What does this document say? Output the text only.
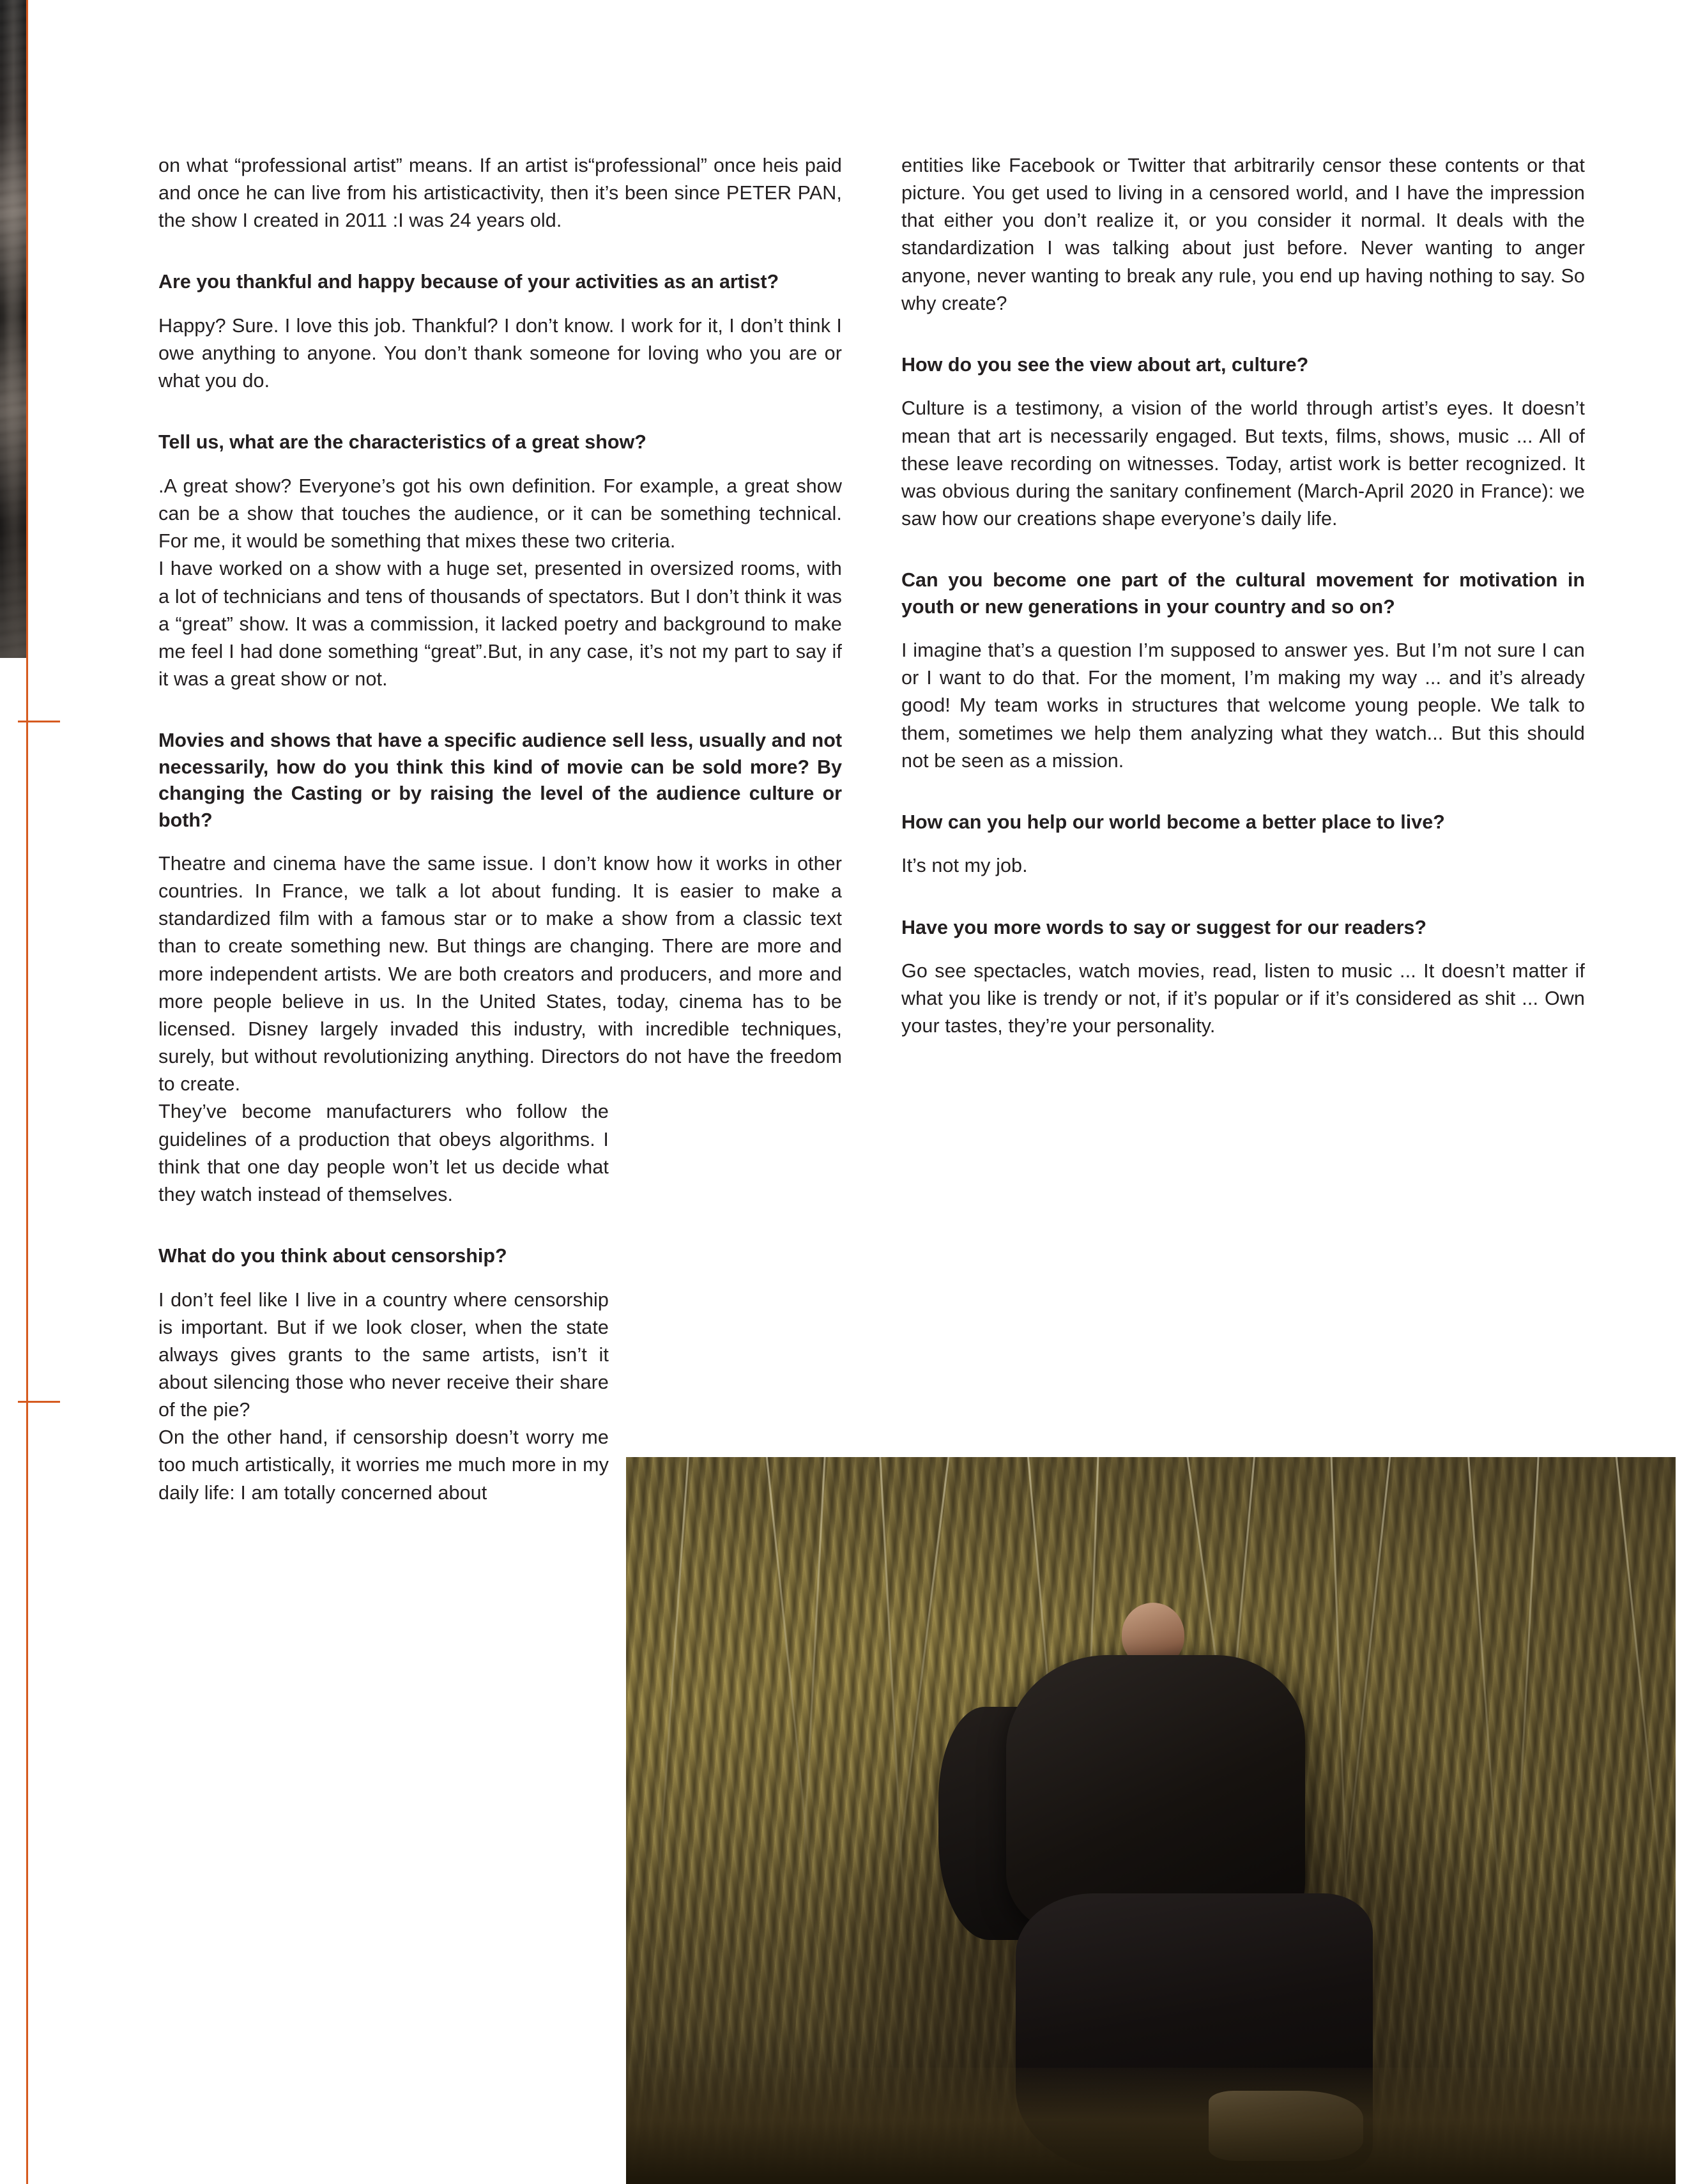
on what “professional artist” means. If an artist is“professional” once heis paid and once he can live from his artisticactivity, then it’s been since PETER PAN, the show I created in 2011 :I was 24 years old.

Are you thankful and happy because of your activities as an artist?

Happy? Sure. I love this job. Thankful? I don’t know. I work for it, I don’t think I owe anything to anyone. You don’t thank someone for loving who you are or what you do.

Tell us, what are the characteristics of a great show?

.A great show? Everyone’s got his own definition. For example, a great show can be a show that touches the audience, or it can be something technical. For me, it would be something that mixes these two criteria.

I have worked on a show with a huge set, presented in oversized rooms, with a lot of technicians and tens of thousands of spectators. But I don’t think it was a “great” show. It was a commission, it lacked poetry and background to make me feel I had done something “great”.But, in any case, it’s not my part to say if it was a great show or not.

Movies and shows that have a specific audience sell less, usually and not necessarily, how do you think this kind of movie can be sold more? By changing the Casting or by raising the level of the audience culture or both?

Theatre and cinema have the same issue. I don’t know how it works in other countries. In France, we talk a lot about funding. It is easier to make a standardized film with a famous star or to make a show from a classic text than to create something new. But things are changing. There are more and more independent artists. We are both creators and producers, and more and more people believe in us. In the United States, today, cinema has to be licensed. Disney largely invaded this industry, with incredible techniques, surely, but without revolutionizing anything. Directors do not have the freedom to create.

They’ve become manufacturers who follow the guidelines of a production that obeys algorithms. I think that one day people won’t let us decide what they watch instead of themselves.

What do you think about censorship?

I don’t feel like I live in a country where censorship is important. But if we look closer, when the state always gives grants to the same artists, isn’t it about silencing those who never receive their share of the pie?

On the other hand, if censorship doesn’t worry me too much artistically, it worries me much more in my daily life: I am totally concerned about

entities like Facebook or Twitter that arbitrarily censor these contents or that picture. You get used to living in a censored world, and I have the impression that either you don’t realize it, or you consider it normal. It deals with the standardization I was talking about just before. Never wanting to anger anyone, never wanting to break any rule, you end up having nothing to say. So why create?

How do you see the view about art, culture?

Culture is a testimony, a vision of the world through artist’s eyes. It doesn’t mean that art is necessarily engaged. But texts, films, shows, music ... All of these leave recording on witnesses. Today, artist work is better recognized. It was obvious during the sanitary confinement (March-April 2020 in France): we saw how our creations shape everyone’s daily life.

Can you become one part of the cultural movement for motivation in youth or new generations in your country and so on?

I imagine that’s a question I’m supposed to answer yes. But I’m not sure I can or I want to do that. For the moment, I’m making my way ... and it’s already good! My team works in structures that welcome young people. We talk to them, sometimes we help them analyzing what they watch... But this should not be seen as a mission.

How can you help our world become a better place to live?

It’s not my job.

Have you more words to say or suggest for our readers?

Go see spectacles, watch movies, read, listen to music ... It doesn’t matter if what you like is trendy or not, if it’s popular or if it’s considered as shit ... Own your tastes, they’re your personality.
